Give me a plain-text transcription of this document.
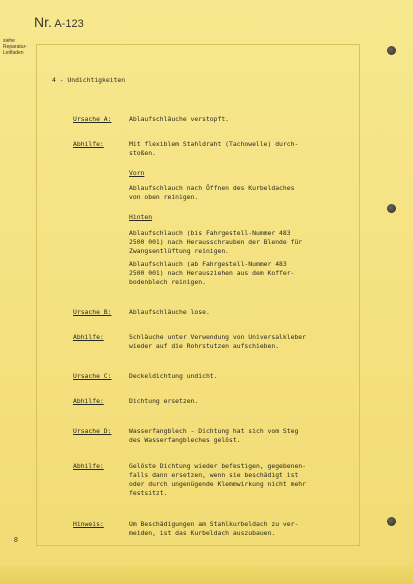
Nr. A-123
siehe
Reparatur-
Leitfaden
4 - Undichtigkeiten
Ursache A:	Ablaufschläuche verstopft.
Abhilfe:	Mit flexiblem Stahldraht (Tachowelle) durch-
stoßen.
Vorn
Ablaufschlauch nach Öffnen des Kurbeldaches
von oben reinigen.
Hinten
Ablaufschlauch (bis Fahrgestell-Nummer 483
2500 001) nach Herausschrauben der Blende für
Zwangsentlüftung reinigen.
Ablaufschlauch (ab Fahrgestell-Nummer 483
2500 001) nach Herausziehen aus dem Koffer-
bodenblech reinigen.
Ursache B:	Ablaufschläuche lose.
Abhilfe:	Schläuche unter Verwendung von Universalkleber
wieder auf die Rohrstutzen aufschieben.
Ursache C:	Deckeldichtung undicht.
Abhilfe:	Dichtung ersetzen.
Ursache D:	Wasserfangblech - Dichtung hat sich vom Steg
des Wasserfangbleches gelöst.
Abhilfe:	Gelöste Dichtung wieder befestigen, gegebenen-
falls dann ersetzen, wenn sie beschädigt ist
oder durch ungenügende Klemmwirkung nicht mehr
festsitzt.
Hinweis:	Um Beschädigungen am Stahlkurbeldach zu ver-
meiden, ist das Kurbeldach auszubauen.
8
